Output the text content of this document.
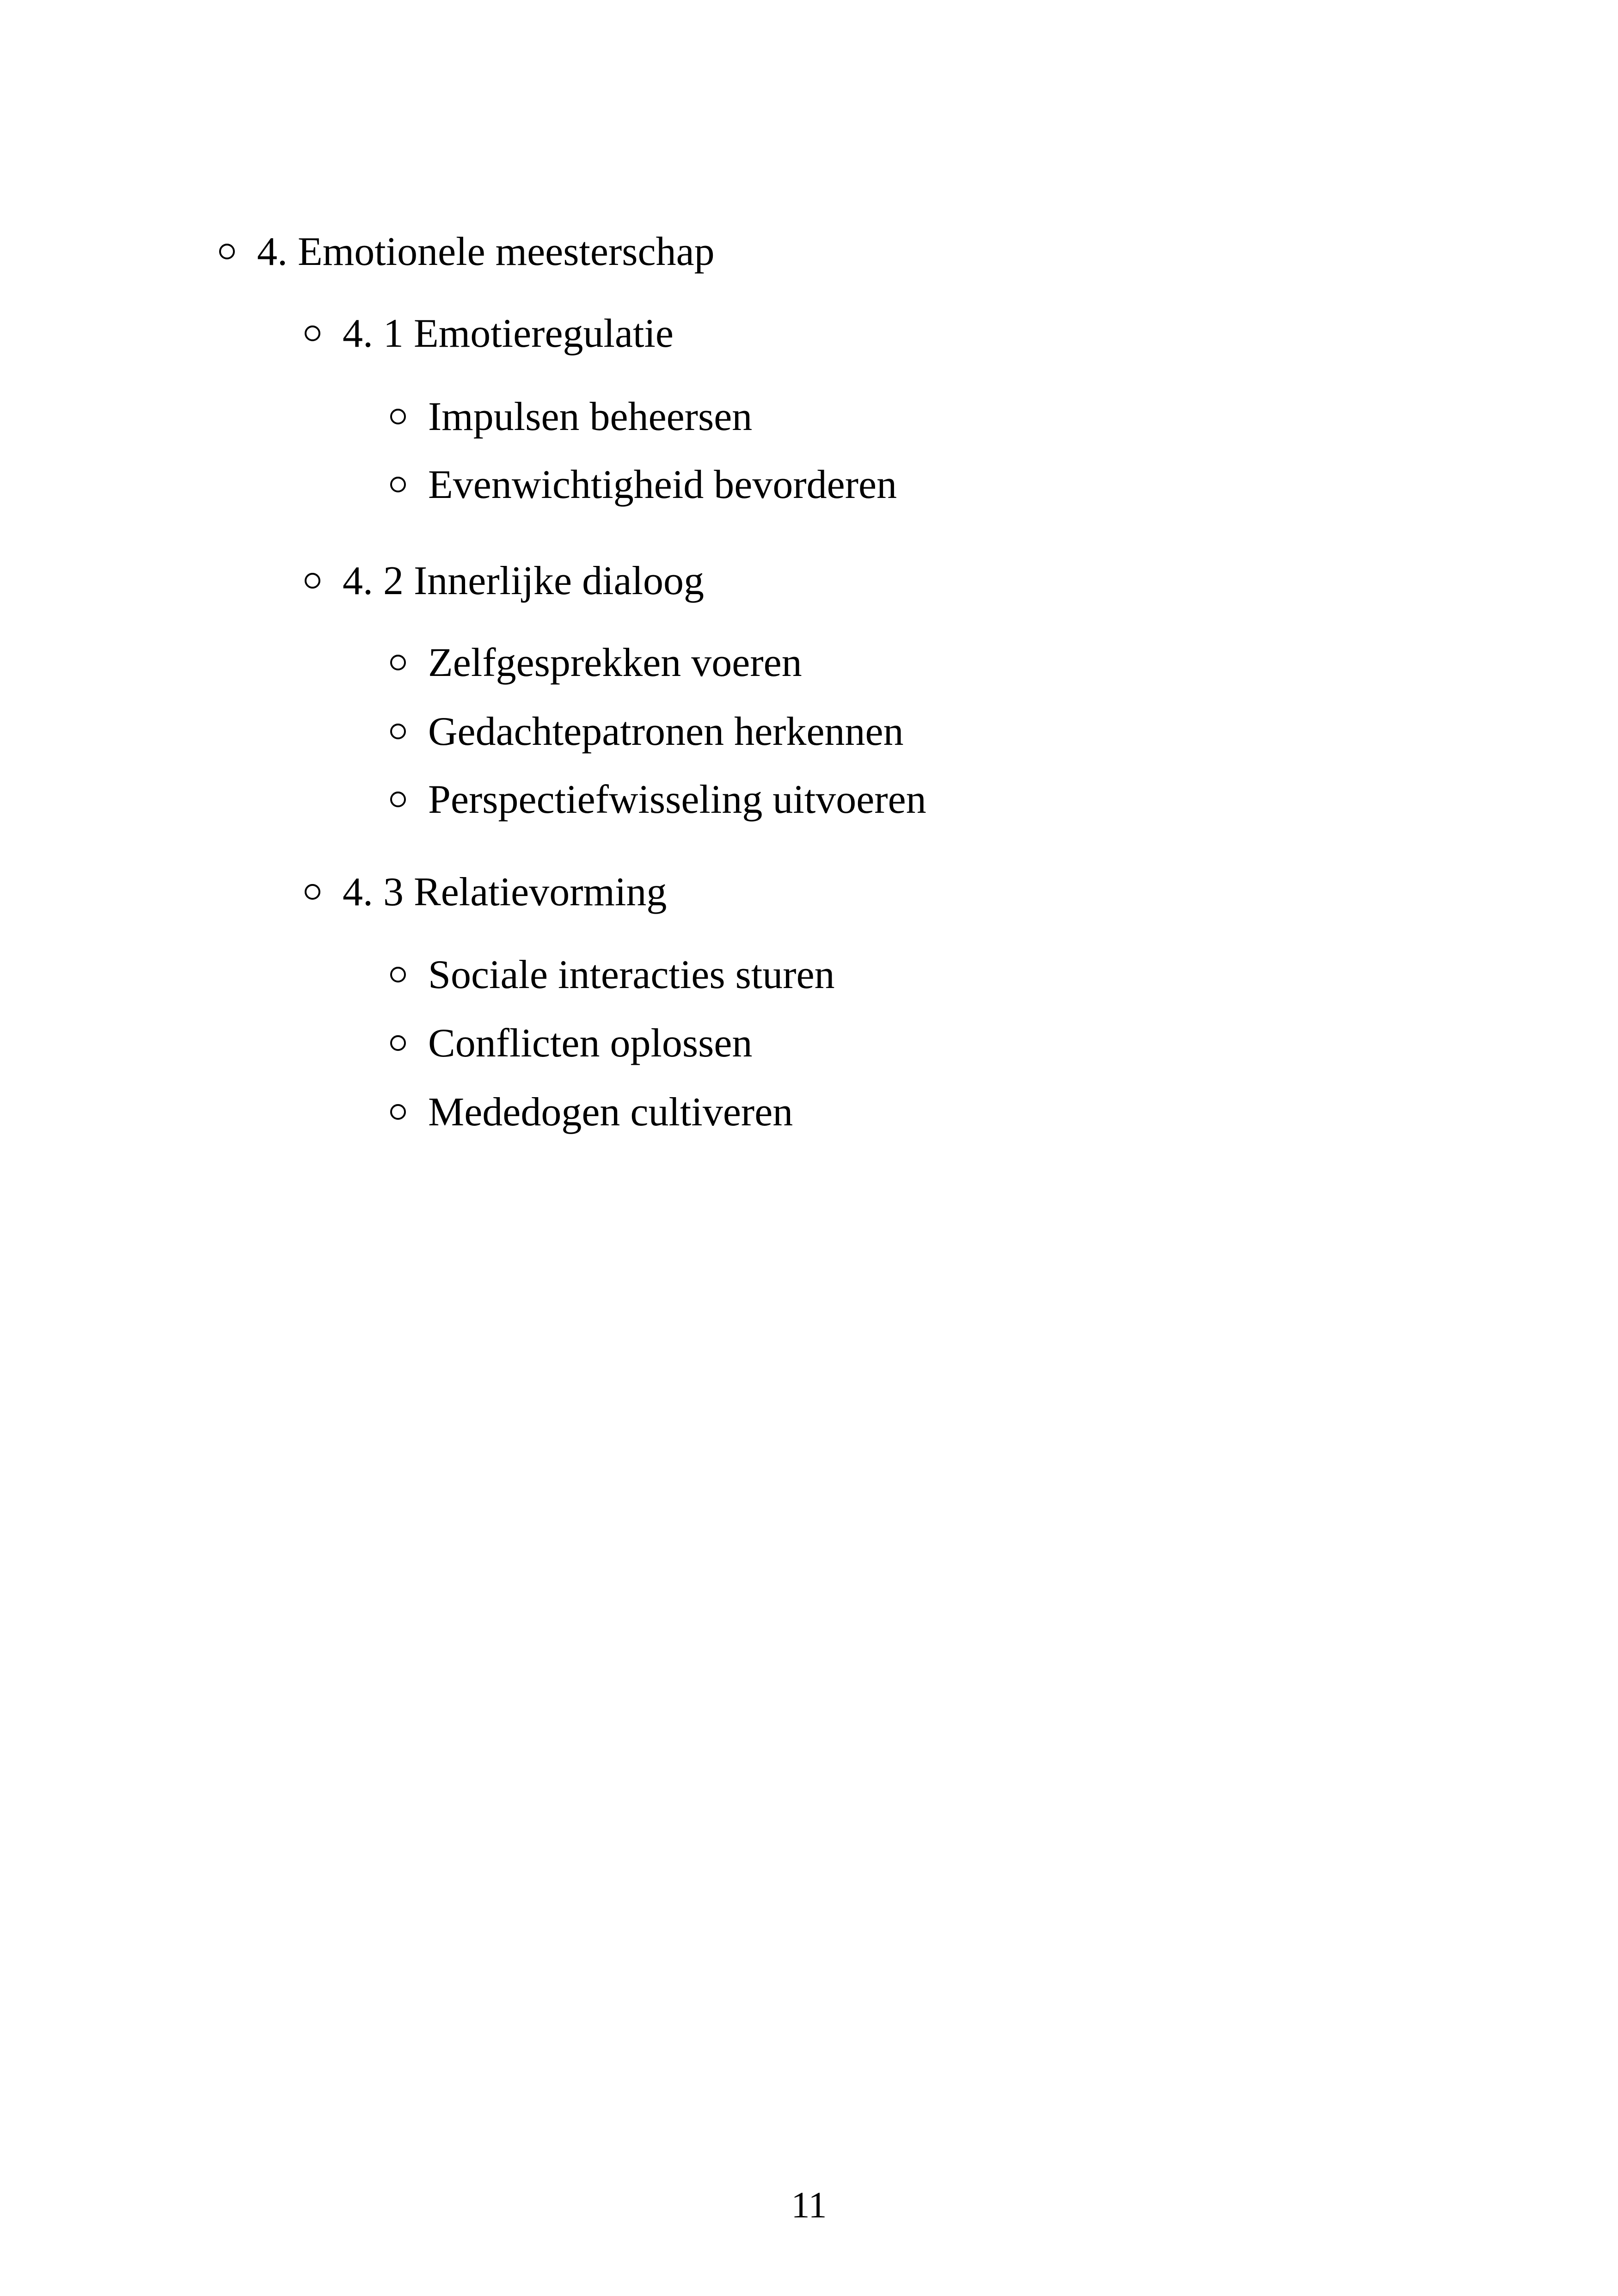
4. Emotionele meesterschap
4. 1 Emotieregulatie
Impulsen beheersen
Evenwichtigheid bevorderen
4. 2 Innerlijke dialoog
Zelfgesprekken voeren
Gedachtepatronen herkennen
Perspectiefwisseling uitvoeren
4. 3 Relatievorming
Sociale interacties sturen
Conflicten oplossen
Mededogen cultiveren
11
